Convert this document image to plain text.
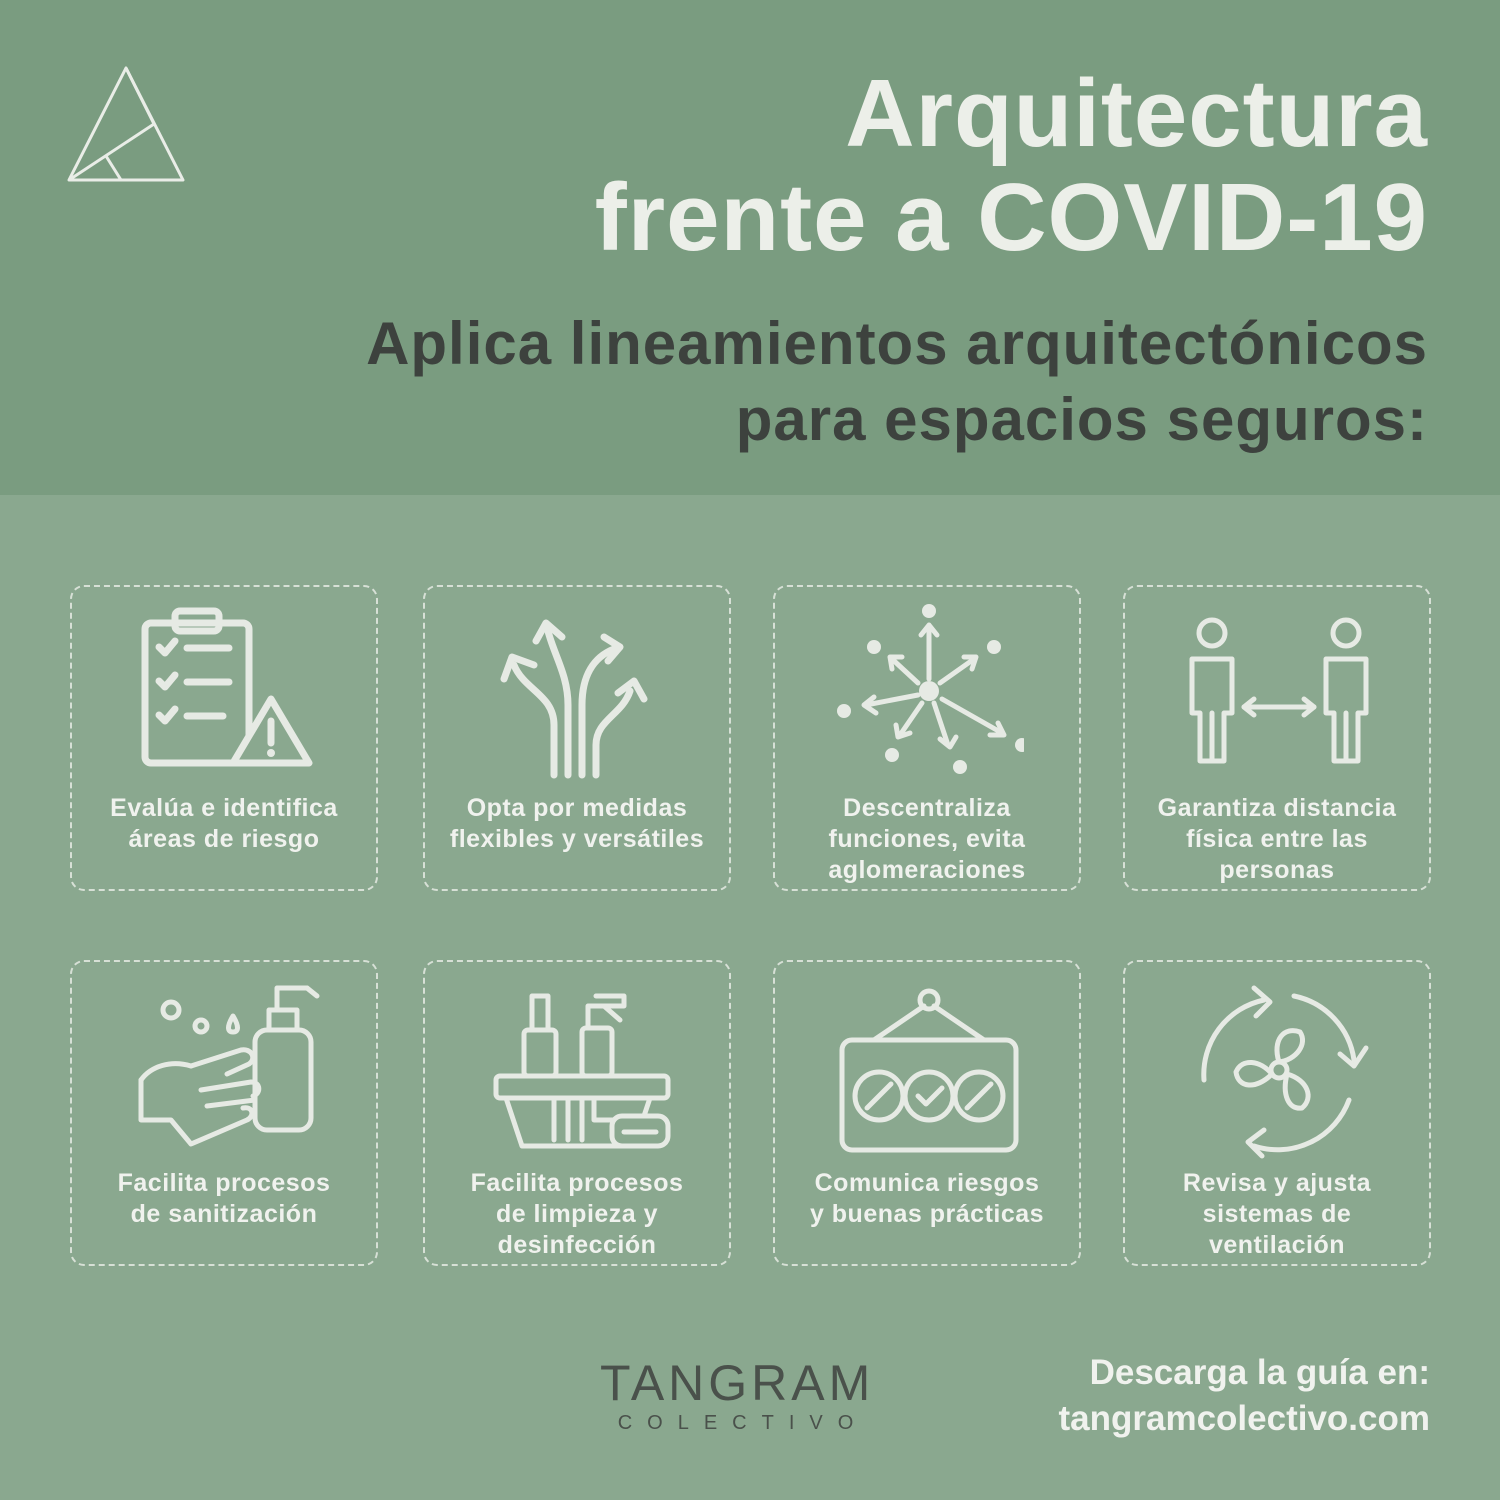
Arquitectura
frente a COVID-19
Aplica lineamientos arquitectónicos
para espacios seguros:
Evalúa e identifica
áreas de riesgo
Opta por medidas
flexibles y versátiles
Descentraliza
funciones, evita
aglomeraciones
Garantiza distancia
física entre las
personas
Facilita procesos
de sanitización
Facilita procesos
de limpieza y
desinfección
Comunica riesgos
y buenas prácticas
Revisa y ajusta
sistemas de
ventilación
TANGRAM
COLECTIVO
Descarga la guía en:
tangramcolectivo.com
